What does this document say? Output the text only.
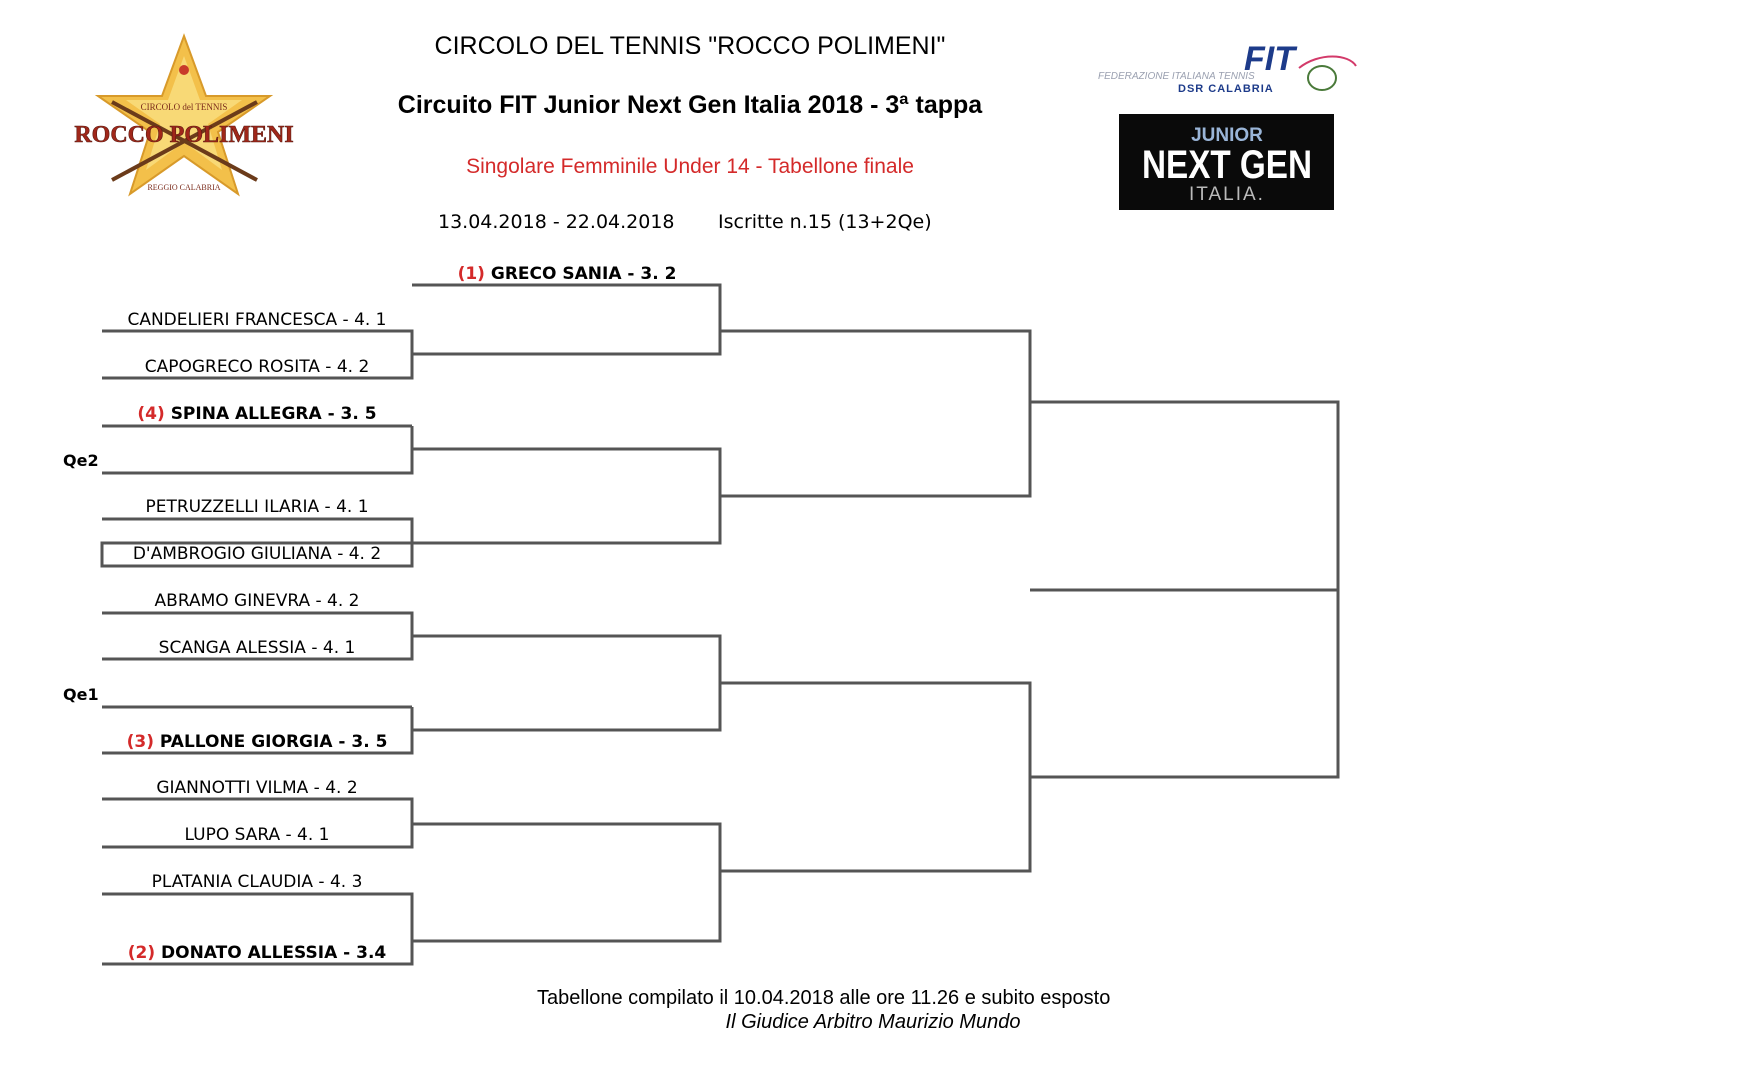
CIRCOLO del TENNIS
ROCCO POLIMENI
REGGIO CALABRIA
FIT
FEDERAZIONE ITALIANA TENNIS
DSR CALABRIA
JUNIOR
NEXT GEN
ITALIA.
CIRCOLO DEL TENNIS "ROCCO POLIMENI"
Circuito FIT Junior Next Gen Italia 2018 - 3ª tappa
Singolare Femminile Under 14 - Tabellone finale
13.04.2018 - 22.04.2018 Iscritte n.15 (13+2Qe)
(1) GRECO SANIA - 3. 2
CANDELIERI FRANCESCA - 4. 1
CAPOGRECO ROSITA - 4. 2
(4) SPINA ALLEGRA - 3. 5
Qe2
PETRUZZELLI ILARIA - 4. 1
D'AMBROGIO GIULIANA - 4. 2
ABRAMO GINEVRA - 4. 2
SCANGA ALESSIA - 4. 1
Qe1
(3) PALLONE GIORGIA - 3. 5
GIANNOTTI VILMA - 4. 2
LUPO SARA - 4. 1
PLATANIA CLAUDIA - 4. 3
(2) DONATO ALLESSIA - 3.4
Tabellone compilato il 10.04.2018 alle ore 11.26 e subito esposto
Il Giudice Arbitro Maurizio Mundo
